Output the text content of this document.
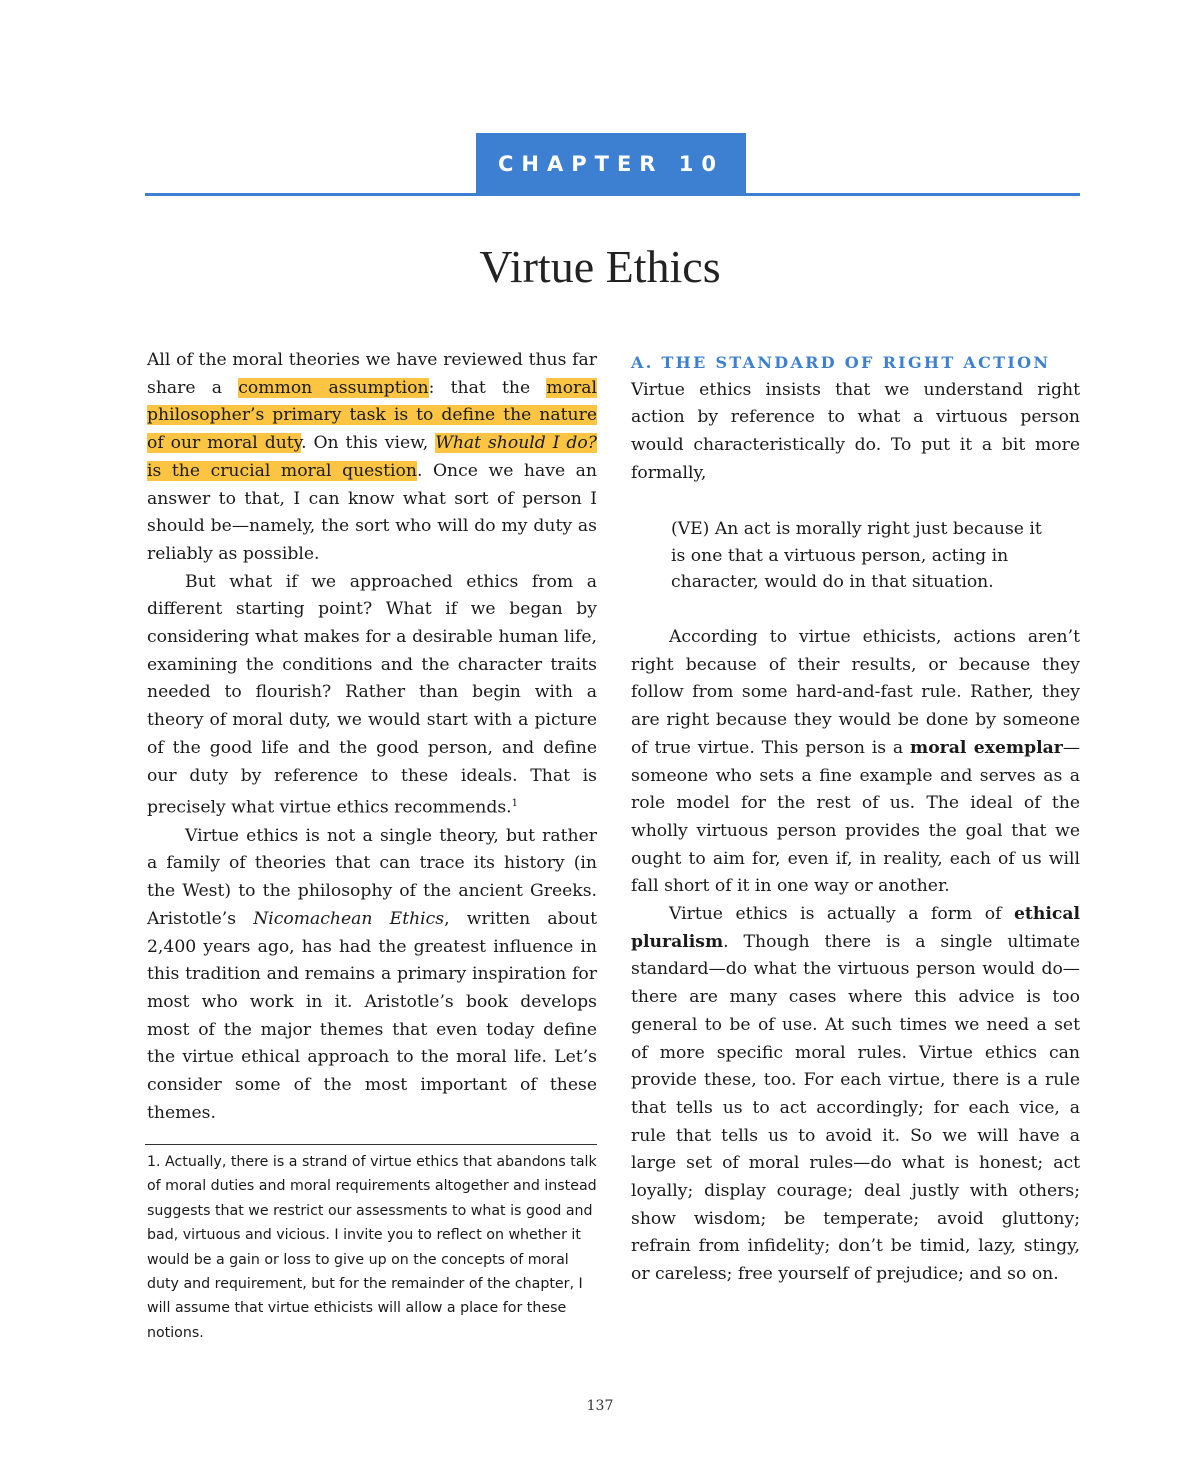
CHAPTER 10
Virtue Ethics

All of the moral theories we have reviewed thus far share a common assumption: that the moral philosopher’s primary task is to define the nature of our moral duty. On this view, What should I do? is the crucial moral question. Once we have an answer to that, I can know what sort of person I should be—namely, the sort who will do my duty as reliably as possible.

But what if we approached ethics from a different starting point? What if we began by considering what makes for a desirable human life, examining the conditions and the character traits needed to flourish? Rather than begin with a theory of moral duty, we would start with a picture of the good life and the good person, and define our duty by reference to these ideals. That is precisely what virtue ethics recommends.$^1$

Virtue ethics is not a single theory, but rather a family of theories that can trace its history (in the West) to the philosophy of the ancient Greeks. Aristotle’s Nicomachean Ethics, written about 2,400 years ago, has had the greatest influence in this tradition and remains a primary inspiration for most who work in it. Aristotle’s book develops most of the major themes that even today define the virtue ethical approach to the moral life. Let’s consider some of the most important of these themes.

1. Actually, there is a strand of virtue ethics that abandons talk of moral duties and moral requirements altogether and instead suggests that we restrict our assessments to what is good and bad, virtuous and vicious. I invite you to reflect on whether it would be a gain or loss to give up on the concepts of moral duty and requirement, but for the remainder of the chapter, I will assume that virtue ethicists will allow a place for these notions.

A. THE STANDARD OF RIGHT ACTION

Virtue ethics insists that we understand right action by reference to what a virtuous person would characteristically do. To put it a bit more formally,

(VE) An act is morally right just because it is one that a virtuous person, acting in character, would do in that situation.

According to virtue ethicists, actions aren’t right because of their results, or because they follow from some hard-and-fast rule. Rather, they are right because they would be done by someone of true virtue. This person is a moral exemplar—someone who sets a fine example and serves as a role model for the rest of us. The ideal of the wholly virtuous person provides the goal that we ought to aim for, even if, in reality, each of us will fall short of it in one way or another.

Virtue ethics is actually a form of ethical pluralism. Though there is a single ultimate standard—do what the virtuous person would do—there are many cases where this advice is too general to be of use. At such times we need a set of more specific moral rules. Virtue ethics can provide these, too. For each virtue, there is a rule that tells us to act accordingly; for each vice, a rule that tells us to avoid it. So we will have a large set of moral rules—do what is honest; act loyally; display courage; deal justly with others; show wisdom; be temperate; avoid gluttony; refrain from infidelity; don’t be timid, lazy, stingy, or careless; free yourself of prejudice; and so on.

137
